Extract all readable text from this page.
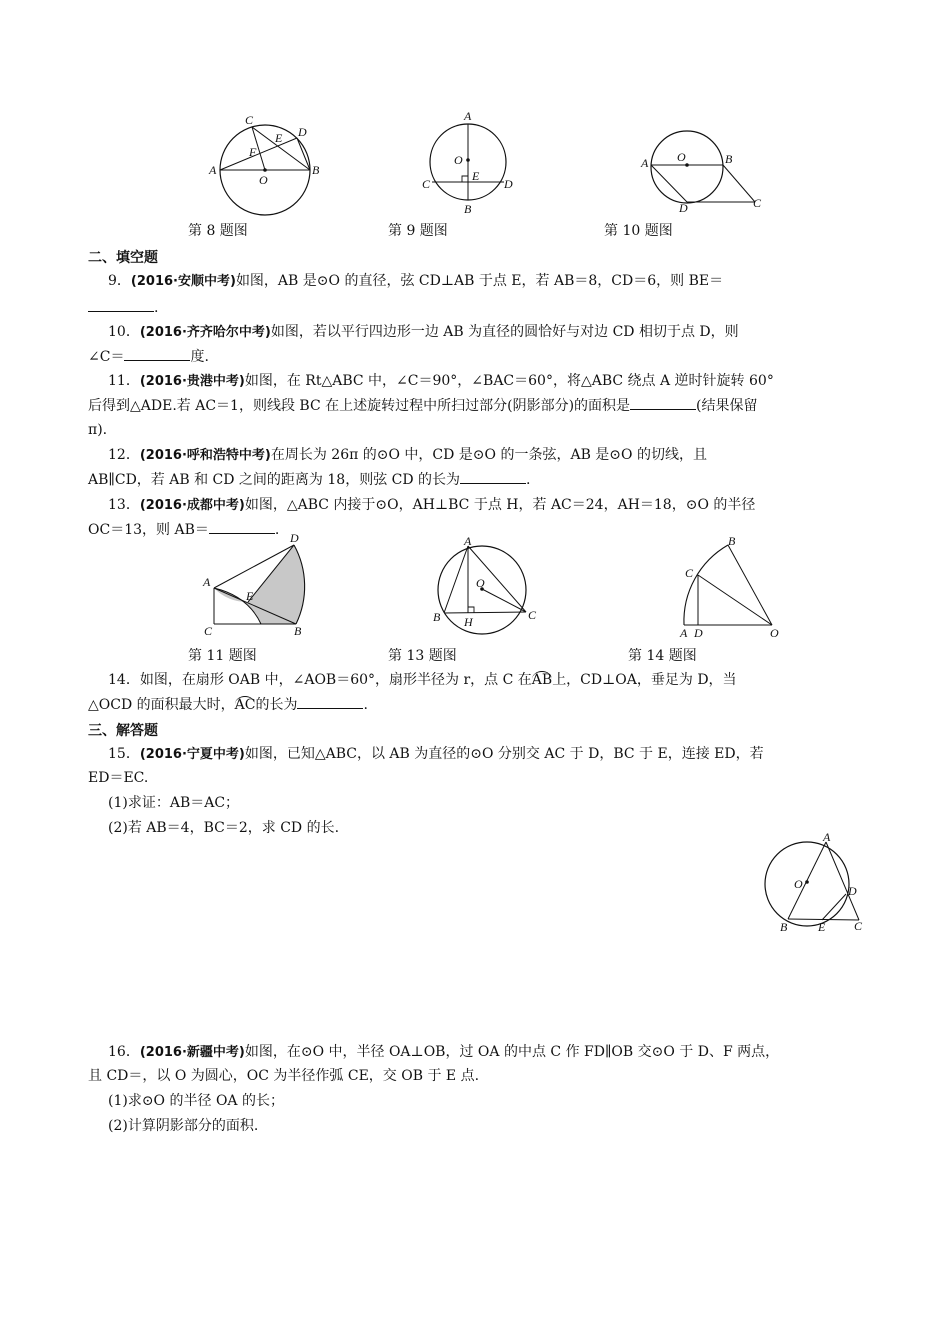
C
D
E
F
A
O
B
第 8 题图
A
O
C
E
D
B
第 9 题图
A O	B
D	C
第 10 题图
二、填空题
9．(2016·安顺中考)如图，AB 是⊙O 的直径，弦 CD⊥AB 于点 E，若 AB＝8，CD＝6，则 BE＝
.
10．(2016·齐齐哈尔中考)如图，若以平行四边形一边 AB 为直径的圆恰好与对边 CD 相切于点 D，则
∠C＝	度.
11．(2016·贵港中考)如图，在 Rt△ABC 中，∠C＝90°，∠BAC＝60°，将△ABC 绕点 A 逆时针旋转 60°
后得到△ADE.若 AC＝1，则线段 BC 在上述旋转过程中所扫过部分(阴影部分)的面积是	(结果保留
π).
12．(2016·呼和浩特中考)在周长为 26π 的⊙O 中，CD 是⊙O 的一条弦，AB 是⊙O 的切线，且
AB∥CD，若 AB 和 CD 之间的距离为 18，则弦 CD 的长为	.
13．(2016·成都中考)如图，△ABC 内接于⊙O，AH⊥BC 于点 H，若 AC＝24，AH＝18，⊙O 的半径
OC＝13，则 AB＝	. D
A
E
C	B
第 11 题图
A
O
B H	C
第 13 题图
B
C
A D	O
第 14 题图
14．如图，在扇形 OAB 中，∠AOB＝60°，扇形半径为 r，点 C 在AB上，CD⊥OA，垂足为 D，当
△OCD 的面积最大时，AC的长为	.
三、解答题
15．(2016·宁夏中考)如图，已知△ABC，以 AB 为直径的⊙O 分别交 AC 于 D，BC 于 E，连接 ED，若
ED＝EC.
(1)求证：AB＝AC；
(2)若 AB＝4，BC＝2，求 CD 的长.
A
O	D
B	E C
16．(2016·新疆中考)如图，在⊙O 中，半径 OA⊥OB，过 OA 的中点 C 作 FD∥OB 交⊙O 于 D、F 两点，
且 CD＝，以 O 为圆心，OC 为半径作弧 CE，交 OB 于 E 点.
(1)求⊙O 的半径 OA 的长；
(2)计算阴影部分的面积.
